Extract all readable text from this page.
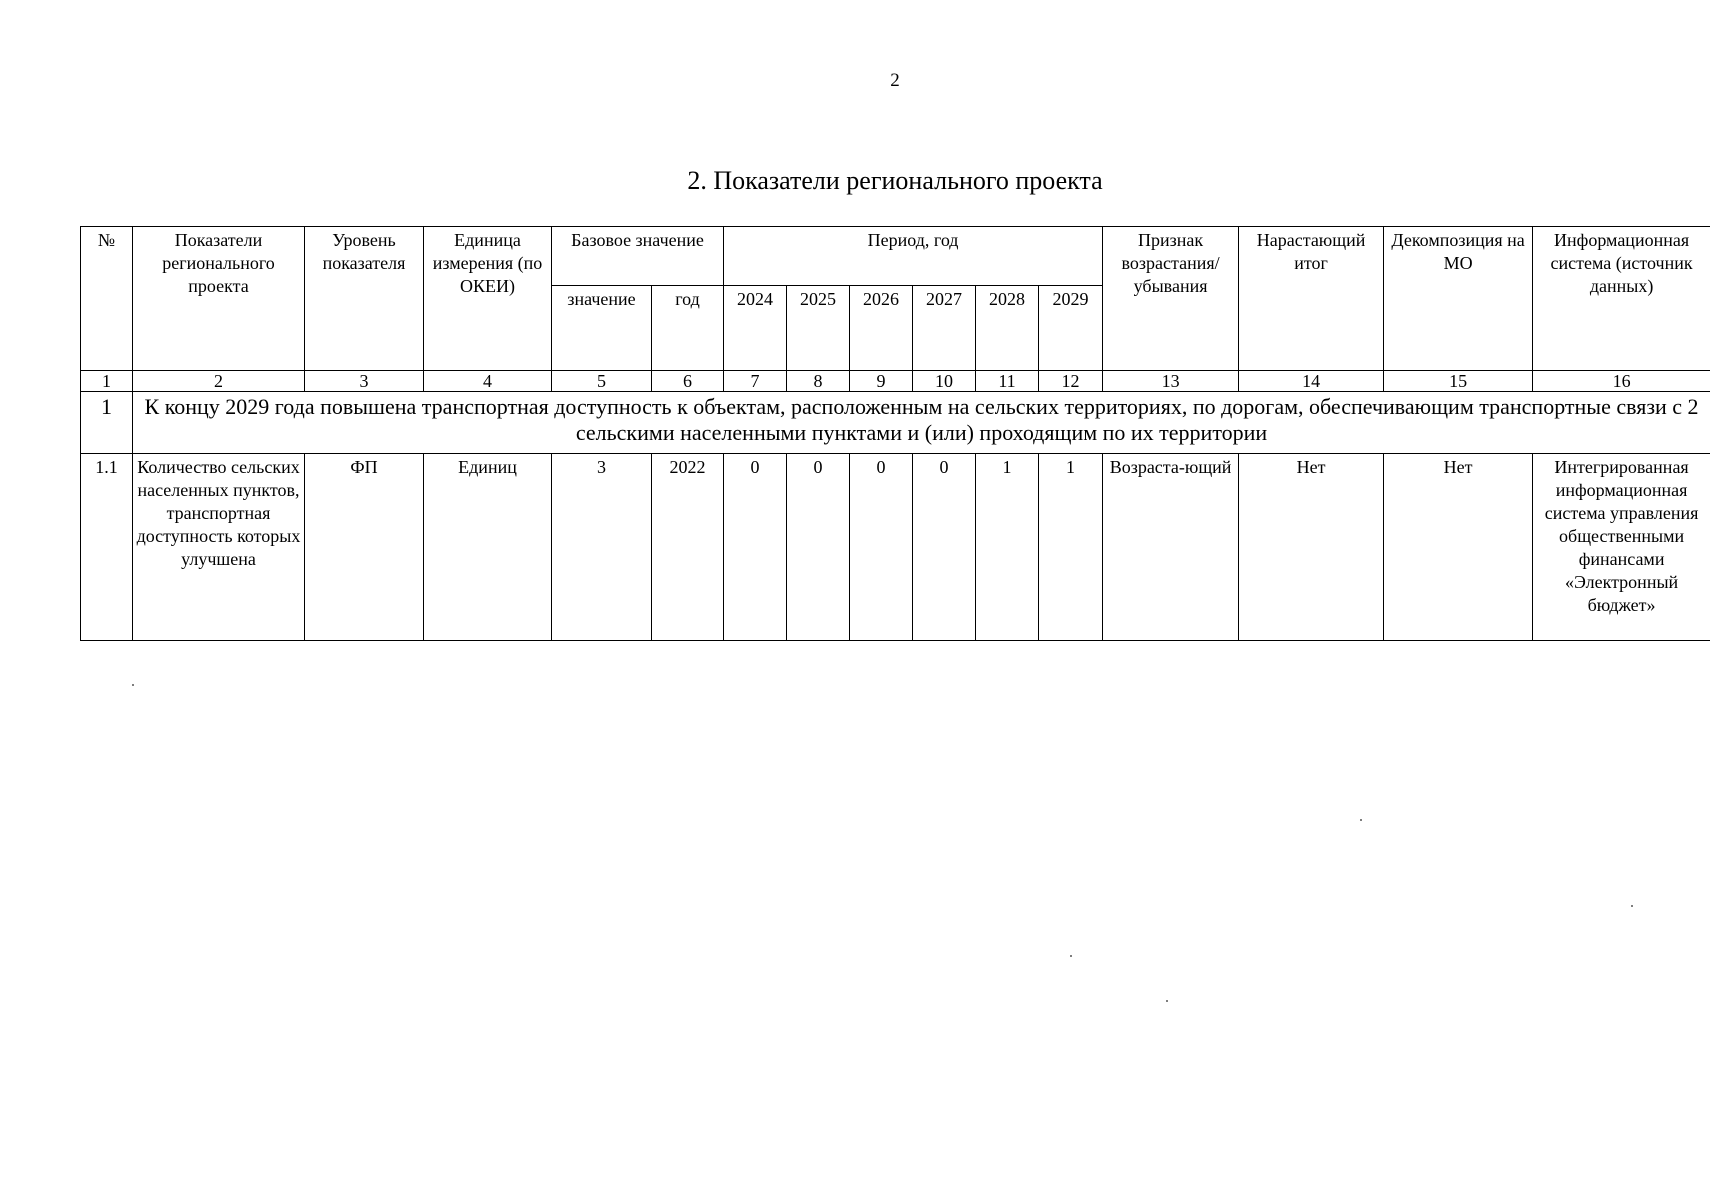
2
2. Показатели регионального проекта
№	Показатели регионального проекта	Уровень показателя	Единица измерения (по ОКЕИ)	Базовое значение		Период, год						Признак возрастания/ убывания	Нарастающий итог	Декомпозиция на МО	Информационная система (источник данных)
				значение	год	2024	2025	2026	2027	2028	2029				
1	2	3	4	5	6	7	8	9	10	11	12	13	14	15	16
1	К концу 2029 года повышена транспортная доступность к объектам, расположенным на сельских территориях, по дорогам, обеспечивающим транспортные связи с 2 сельскими населенными пунктами и (или) проходящим по их территории														
1.1	Количество сельских населенных пунктов, транспортная доступность которых улучшена	ФП	Единиц	3	2022	0	0	0	0	1	1	Возраста-ющий	Нет	Нет	Интегрированная информационная система управления общественными финансами «Электронный бюджет»
